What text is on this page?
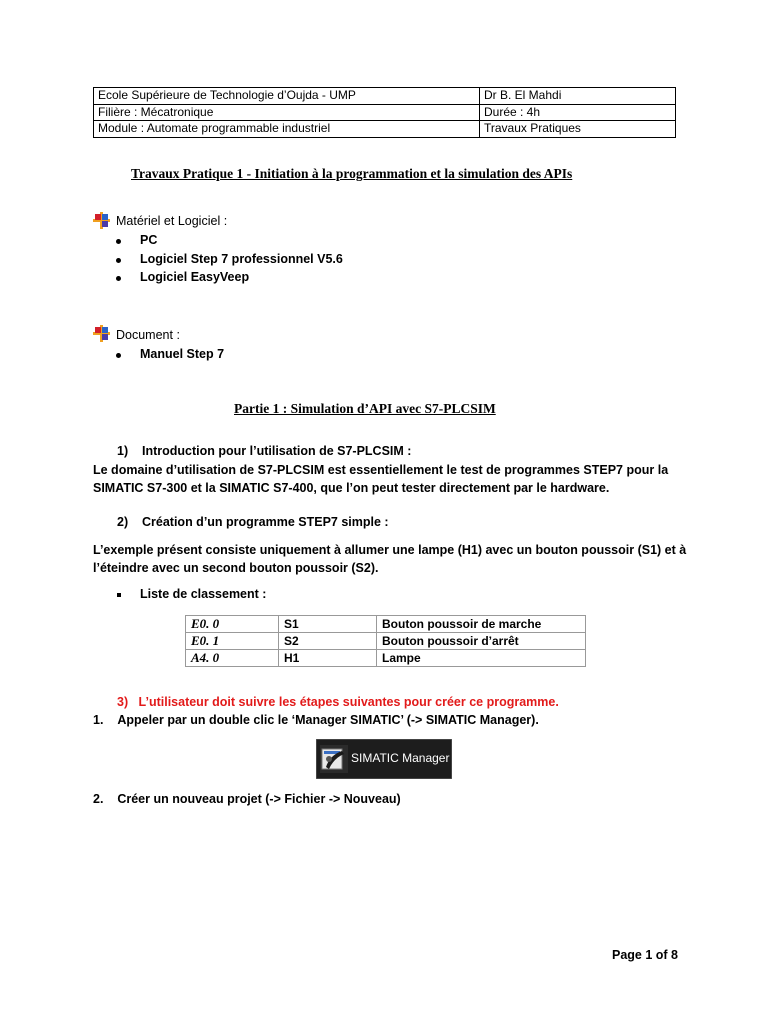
Ecole Supérieure de Technologie d’Oujda - UMP	Dr B. El Mahdi
Filière : Mécatronique	Durée : 4h
Module : Automate programmable industriel	Travaux Pratiques
Travaux Pratique 1 - Initiation à la programmation et la simulation des APIs
Matériel et Logiciel :
PC
Logiciel Step 7 professionnel V5.6
Logiciel EasyVeep
Document :
Manuel Step 7
Partie 1 : Simulation d’API avec S7-PLCSIM
1)    Introduction pour l’utilisation de S7-PLCSIM :
Le domaine d’utilisation de S7-PLCSIM est essentiellement le test de programmes STEP7 pour la
SIMATIC S7-300 et la SIMATIC S7-400, que l’on peut tester directement par le hardware.
2)    Création d’un programme STEP7 simple :
L’exemple présent consiste uniquement à allumer une lampe (H1) avec un bouton poussoir (S1) et à
l’éteindre avec un second bouton poussoir (S2).
Liste de classement :
E0. 0	S1	Bouton poussoir de marche
E0. 1	S2	Bouton poussoir d’arrêt
A4. 0	H1	Lampe
3)   L’utilisateur doit suivre les étapes suivantes pour créer ce programme.
1.    Appeler par un double clic le ‘Manager SIMATIC’ (-> SIMATIC Manager).
SIMATIC Manager
2.    Créer un nouveau projet (-> Fichier -> Nouveau)
Page 1 of 8
